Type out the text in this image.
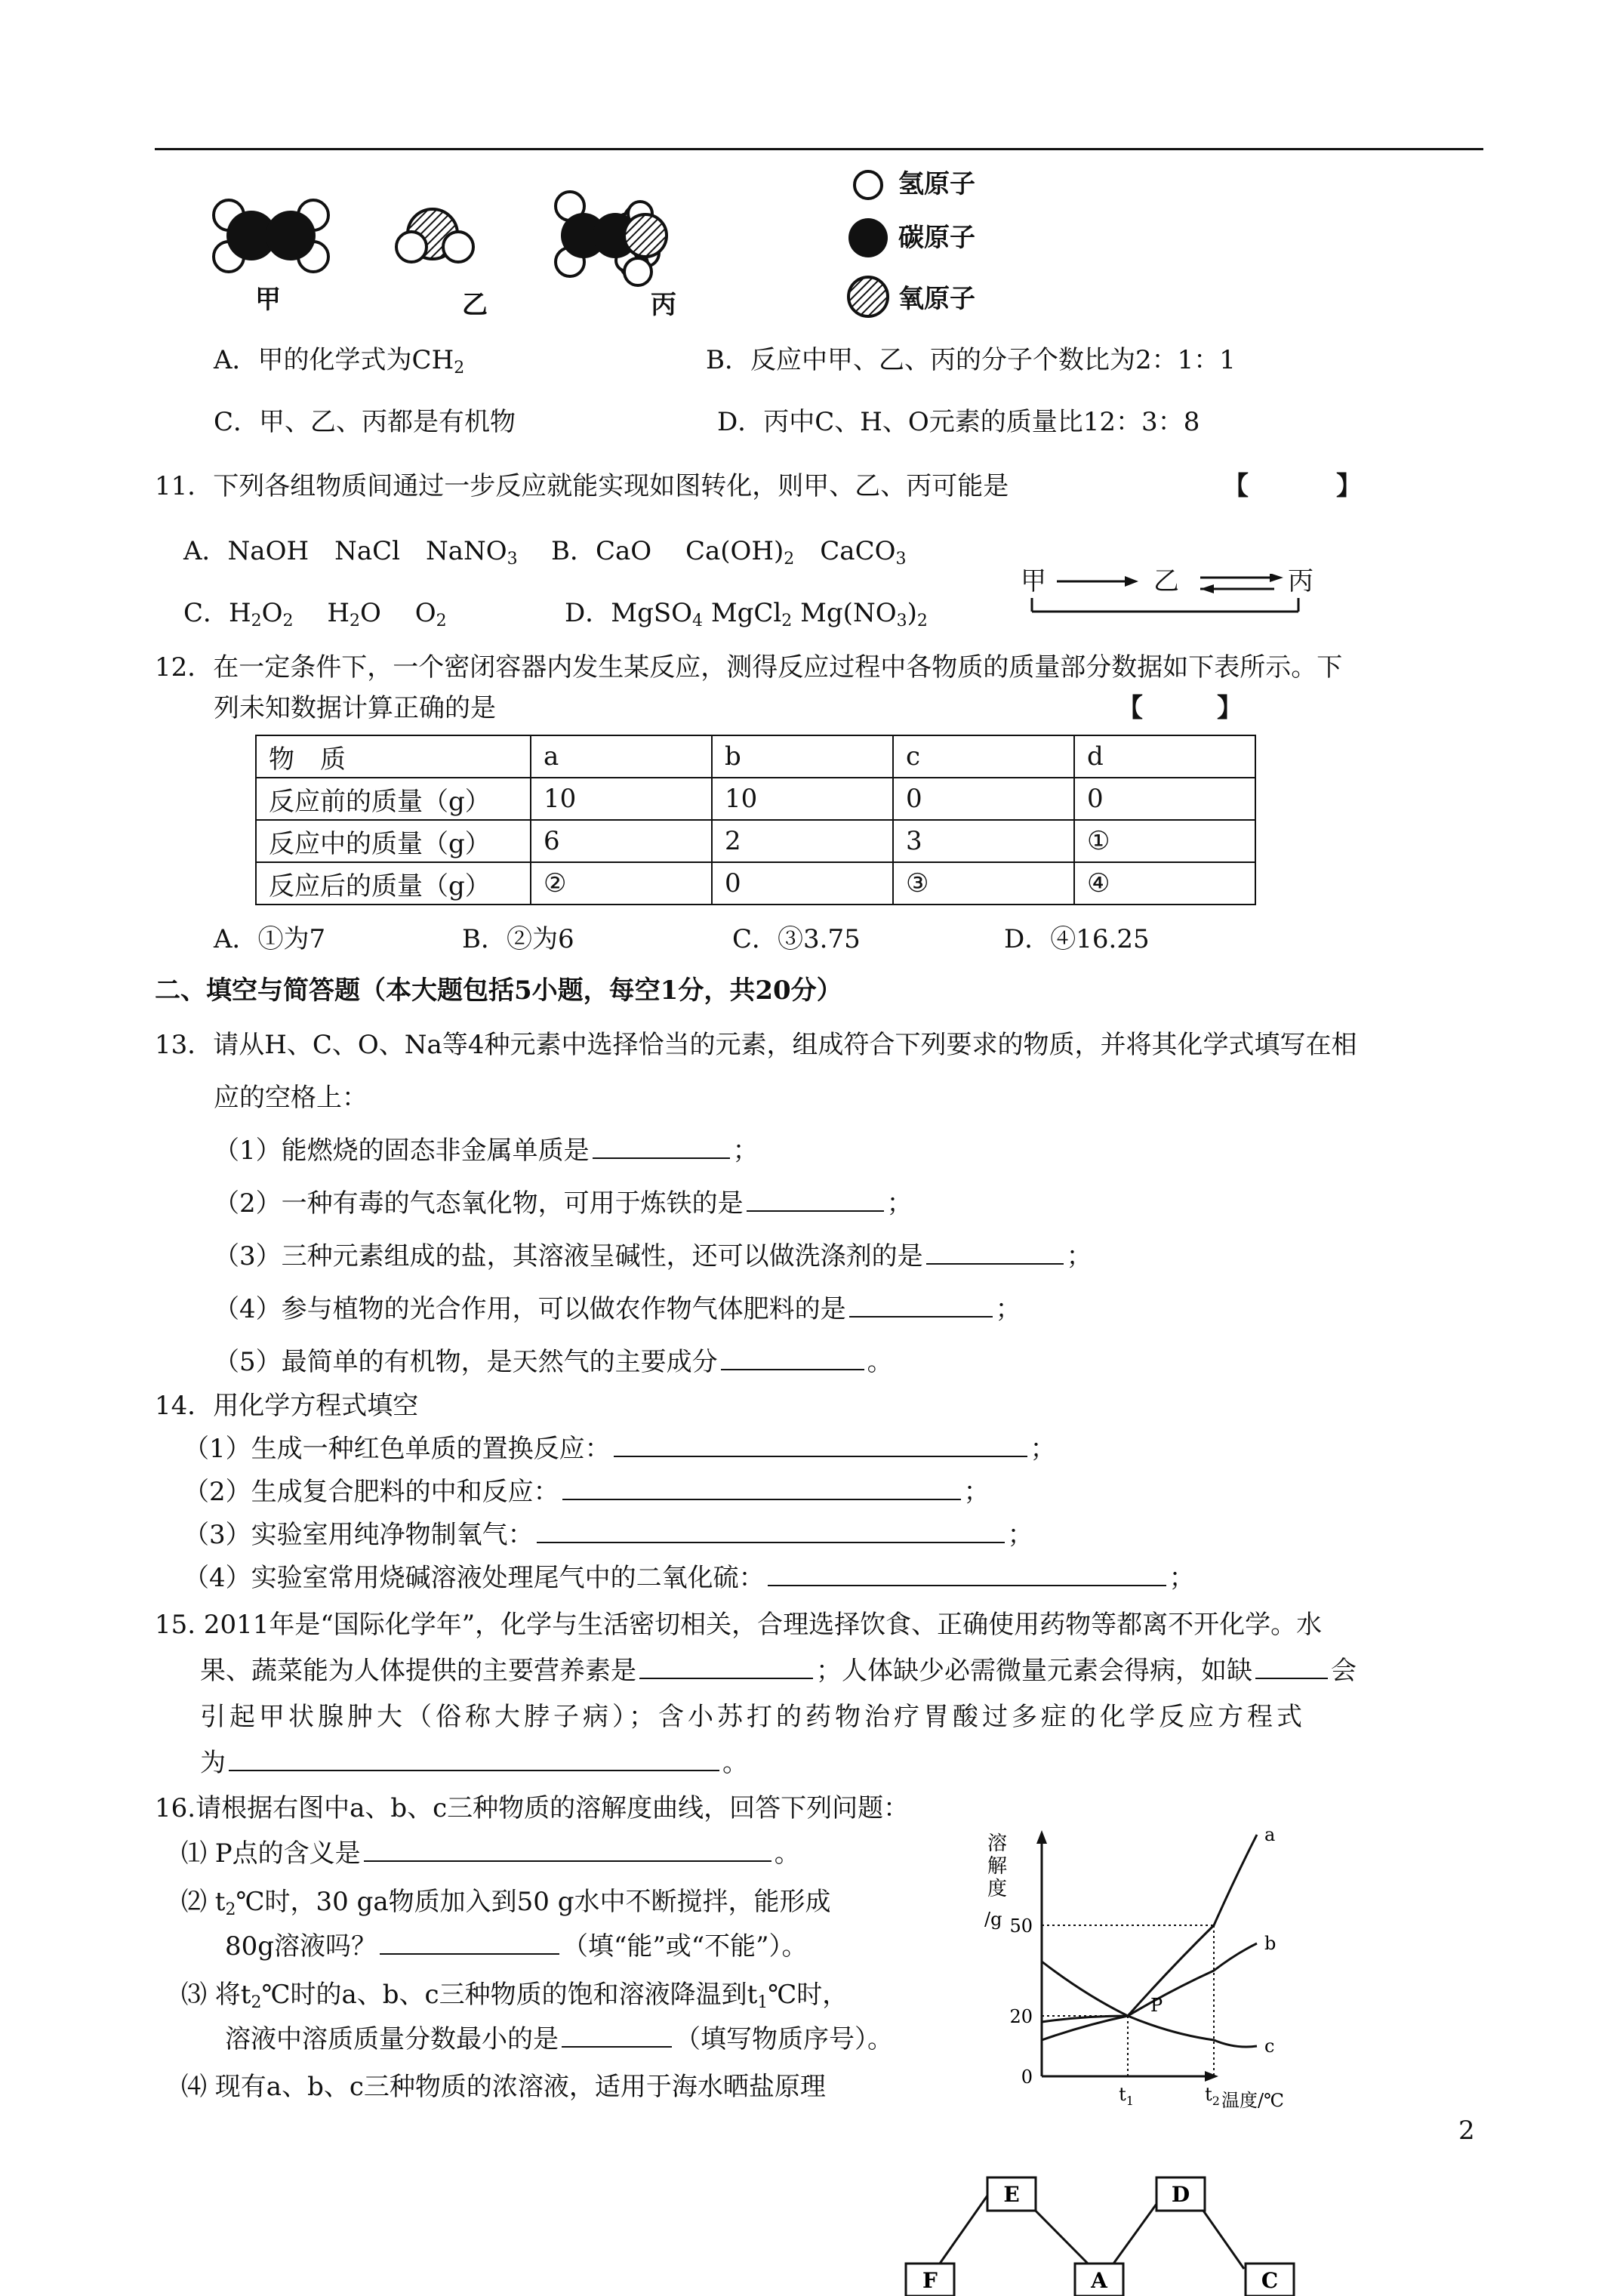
甲	乙	丙
氢原子
碳原子
氧原子
A．甲的化学式为$CH_2$	B．反应中甲、乙、丙的分子个数比为2：1：1
C．甲、乙、丙都是有机物	D．丙中C、H、O元素的质量比12：3：8
11．下列各组物质间通过一步反应就能实现如图转化，则甲、乙、丙可能是	【	】
A．NaOH　NaCl　NaNO$_3$ B．CaO　 $Ca(OH)_2$　CaCO$_3$
C．$H_2O_2$　 $H_2O$　 $O_2$	D．MgSO$_4$ MgCl$_2$ $Mg(NO_3)_2$
甲	乙	丙
12．在一定条件下，一个密闭容器内发生某反应，测得反应过程中各物质的质量部分数据如下表所示。下
列未知数据计算正确的是	【	】
物　质	a	b	c	d
反应前的质量（g）	10	10	0	0
反应中的质量（g）	6	2	3	①
反应后的质量（g）	②	0	③	④
A．①为7	B．②为6	C．③3.75	D．④16.25
二、填空与简答题（本大题包括5小题，每空1分，共20分）
13．请从H、C、O、Na等4种元素中选择恰当的元素，组成符合下列要求的物质，并将其化学式填写在相
应的空格上：
（1）能燃烧的固态非金属单质是	；
（2）一种有毒的气态氧化物，可用于炼铁的是	；
（3）三种元素组成的盐，其溶液呈碱性，还可以做洗涤剂的是	；
（4）参与植物的光合作用，可以做农作物气体肥料的是	；
（5）最简单的有机物，是天然气的主要成分	。
14．用化学方程式填空
（1）生成一种红色单质的置换反应：	；
（2）生成复合肥料的中和反应：	；
（3）实验室用纯净物制氧气：	；
（4）实验室常用烧碱溶液处理尾气中的二氧化硫：	；
15. 2011年是“国际化学年”，化学与生活密切相关，合理选择饮食、正确使用药物等都离不开化学。水
果、蔬菜能为人体提供的主要营养素是	；人体缺少必需微量元素会得病，如缺	会
引起甲状腺肿大（俗称大脖子病）；含小苏打的药物治疗胃酸过多症的化学反应方程式
为	。
16.请根据右图中a、b、c三种物质的溶解度曲线，回答下列问题：
⑴ P点的含义是	。
⑵ $t_2℃$时，30 ga物质加入到50 g水中不断搅拌，能形成
80g溶液吗？	（填“能”或“不能”）。
⑶ 将$t_2℃$时的a、b、c三种物质的饱和溶液降温到$t_1℃$时，
溶液中溶质质量分数最小的是	（填写物质序号）。
⑷ 现有a、b、c三种物质的浓溶液，适用于海水晒盐原理
溶
解
度
/g
0
20
50
$t_1$	$t_2$ 温度/℃
a
b
c
P
2
E	D
F	A	C
